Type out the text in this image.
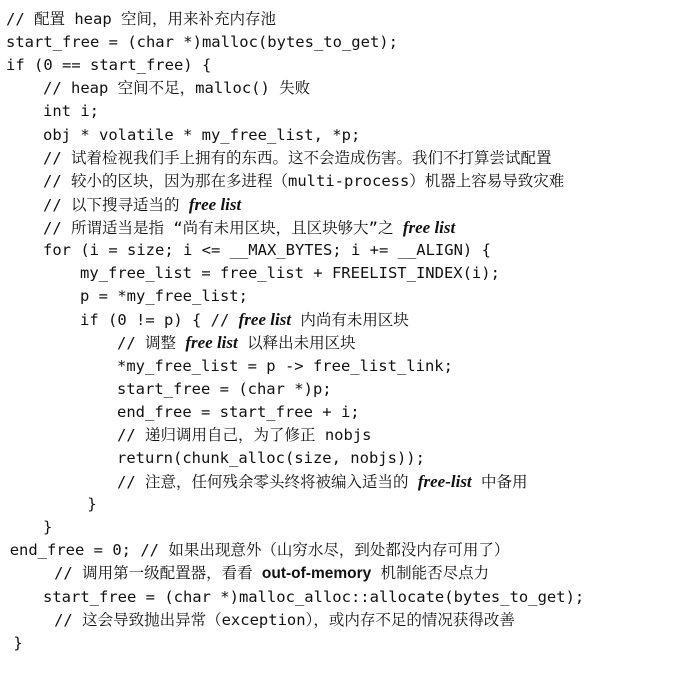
// 配置 heap 空间，用来补充内存池
start_free = (char *)malloc(bytes_to_get);
if (0 == start_free) {
// heap 空间不足，malloc() 失败
int i;
obj * volatile * my_free_list, *p;
// 试着检视我们手上拥有的东西。这不会造成伤害。我们不打算尝试配置
// 较小的区块，因为那在多进程（multi-process）机器上容易导致灾难
// 以下搜寻适当的 free list
// 所谓适当是指 “尚有未用区块，且区块够大”之 free list
for (i = size; i <= __MAX_BYTES; i += __ALIGN) {
my_free_list = free_list + FREELIST_INDEX(i);
p = *my_free_list;
if (0 != p) { // free list 内尚有未用区块
// 调整 free list 以释出未用区块
*my_free_list = p -> free_list_link;
start_free = (char *)p;
end_free = start_free + i;
// 递归调用自己，为了修正 nobjs
return(chunk_alloc(size, nobjs));
// 注意，任何残余零头终将被编入适当的 free-list 中备用
}
}
end_free = 0; // 如果出现意外（山穷水尽，到处都没内存可用了）
// 调用第一级配置器，看看 out-of-memory 机制能否尽点力
start_free = (char *)malloc_alloc::allocate(bytes_to_get);
// 这会导致抛出异常（exception），或内存不足的情况获得改善
}
